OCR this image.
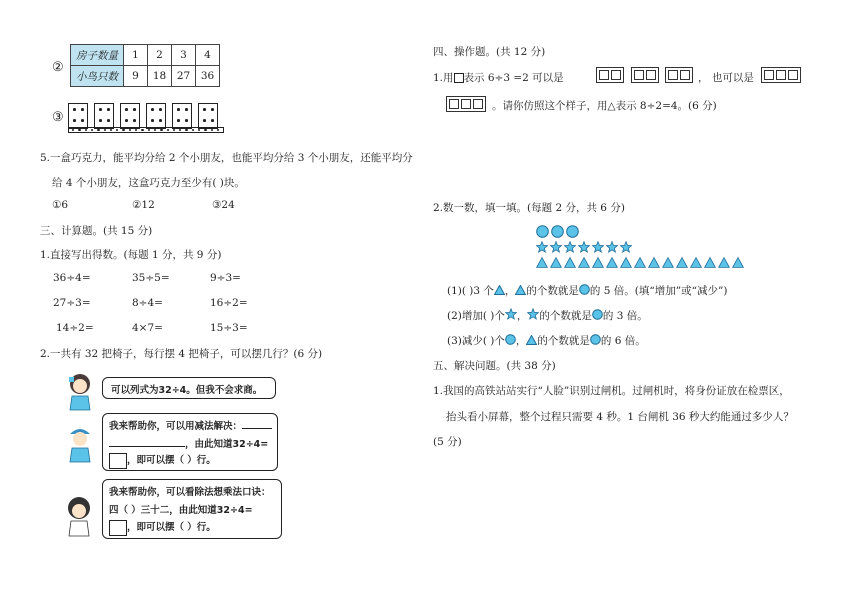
②
房子数量	1	2	3	4
小鸟只数	9	18	27	36
③
5.一盒巧克力，能平均分给 2 个小朋友，也能平均分给 3 个小朋友，还能平均分
给 4 个小朋友，这盒巧克力至少有( )块。
①6	②12	③24
三、计算题。(共 15 分)
1.直接写出得数。(每题 1 分，共 9 分)
36÷4=	35÷5=	9÷3=
27÷3=	8÷4=	16÷2=
14÷2=	4×7=	15÷3=
2.一共有 32 把椅子，每行摆 4 把椅子，可以摆几行？(6 分)
可以列式为32÷4。但我不会求商。
我来帮助你，可以用减法解决：
，由此知道32÷4=
，即可以摆（ ）行。
我来帮助你，可以看除法想乘法口诀：
四（ ）三十二，由此知道32÷4=
，即可以摆（ ）行。
四、操作题。(共 12 分)
1.用 表示 6÷3 =2 可以是	， 也可以是
。请你仿照这个样子，用△表示 8÷2=4。(6 分)
2.数一数，填一填。(每题 2 分，共 6 分)
(1)( )3 个 ， 的个数就是 的 5 倍。(填“增加”或“减少”)
(2)增加( )个 ， 的个数就是 的 3 倍。
(3)减少( )个 ， 的个数就是 的 6 倍。
五、解决问题。(共 38 分)
1.我国的高铁站站实行“人脸”识别过闸机。过闸机时，将身份证放在检票区，
抬头看小屏幕，整个过程只需要 4 秒。1 台闸机 36 秒大约能通过多少人？
(5 分)
